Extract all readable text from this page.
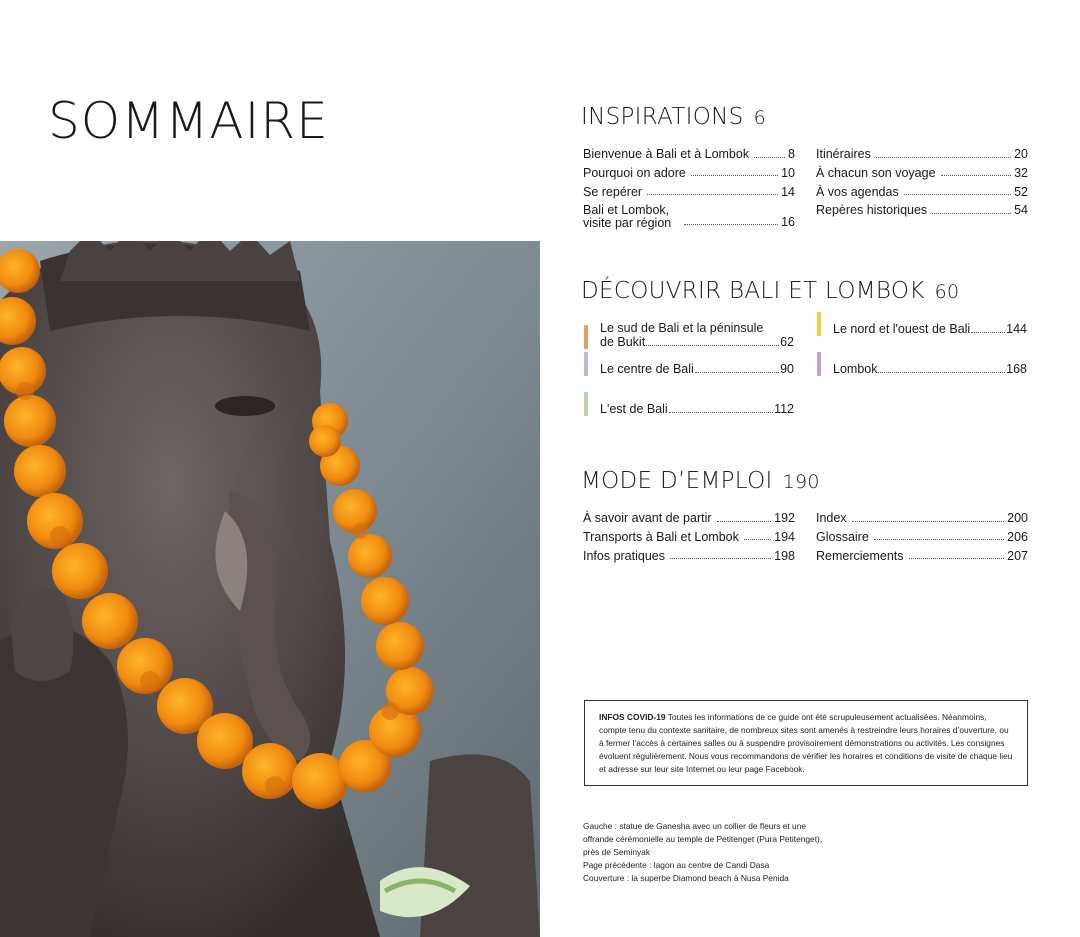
SOMMAIRE	INSPIRATIONS 6
Bienvenue à Bali et à Lombok	8
Pourquoi on adore	10
Se repérer	14
Bali et Lombok, visite par région	16
Itinéraires	20
À chacun son voyage	32
À vos agendas	52
Repères historiques	54
DÉCOUVRIR BALI ET LOMBOK 60
Le sud de Bali et la péninsule
de Bukit	62
Le nord et l'ouest de Bali	144
Le centre de Bali	90	Lombok	168
L'est de Bali	112
MODE D’EMPLOI 190
À savoir avant de partir	192
Transports à Bali et Lombok	194
Infos pratiques	198
Index	200
Glossaire	206
Remerciements	207
INFOS COVID-19 Toutes les informations de ce guide ont été scrupuleusement actualisées. Néanmoins, compte tenu du contexte sanitaire, de nombreux sites sont amenés à restreindre leurs horaires d’ouverture, ou à fermer l’accès à certaines salles ou à suspendre provisoirement démonstrations ou activités. Les consignes évoluent régulièrement. Nous vous recommandons de vérifier les horaires et conditions de visite de chaque lieu et adresse sur leur site Internet ou leur page Facebook.
Gauche : statue de Ganesha avec un collier de fleurs et une offrande cérémonielle au temple de Petitenget (Pura Petitenget), près de Seminyak
Page précédente : lagon au centre de Candi Dasa
Couverture : la superbe Diamond beach à Nusa Penida
